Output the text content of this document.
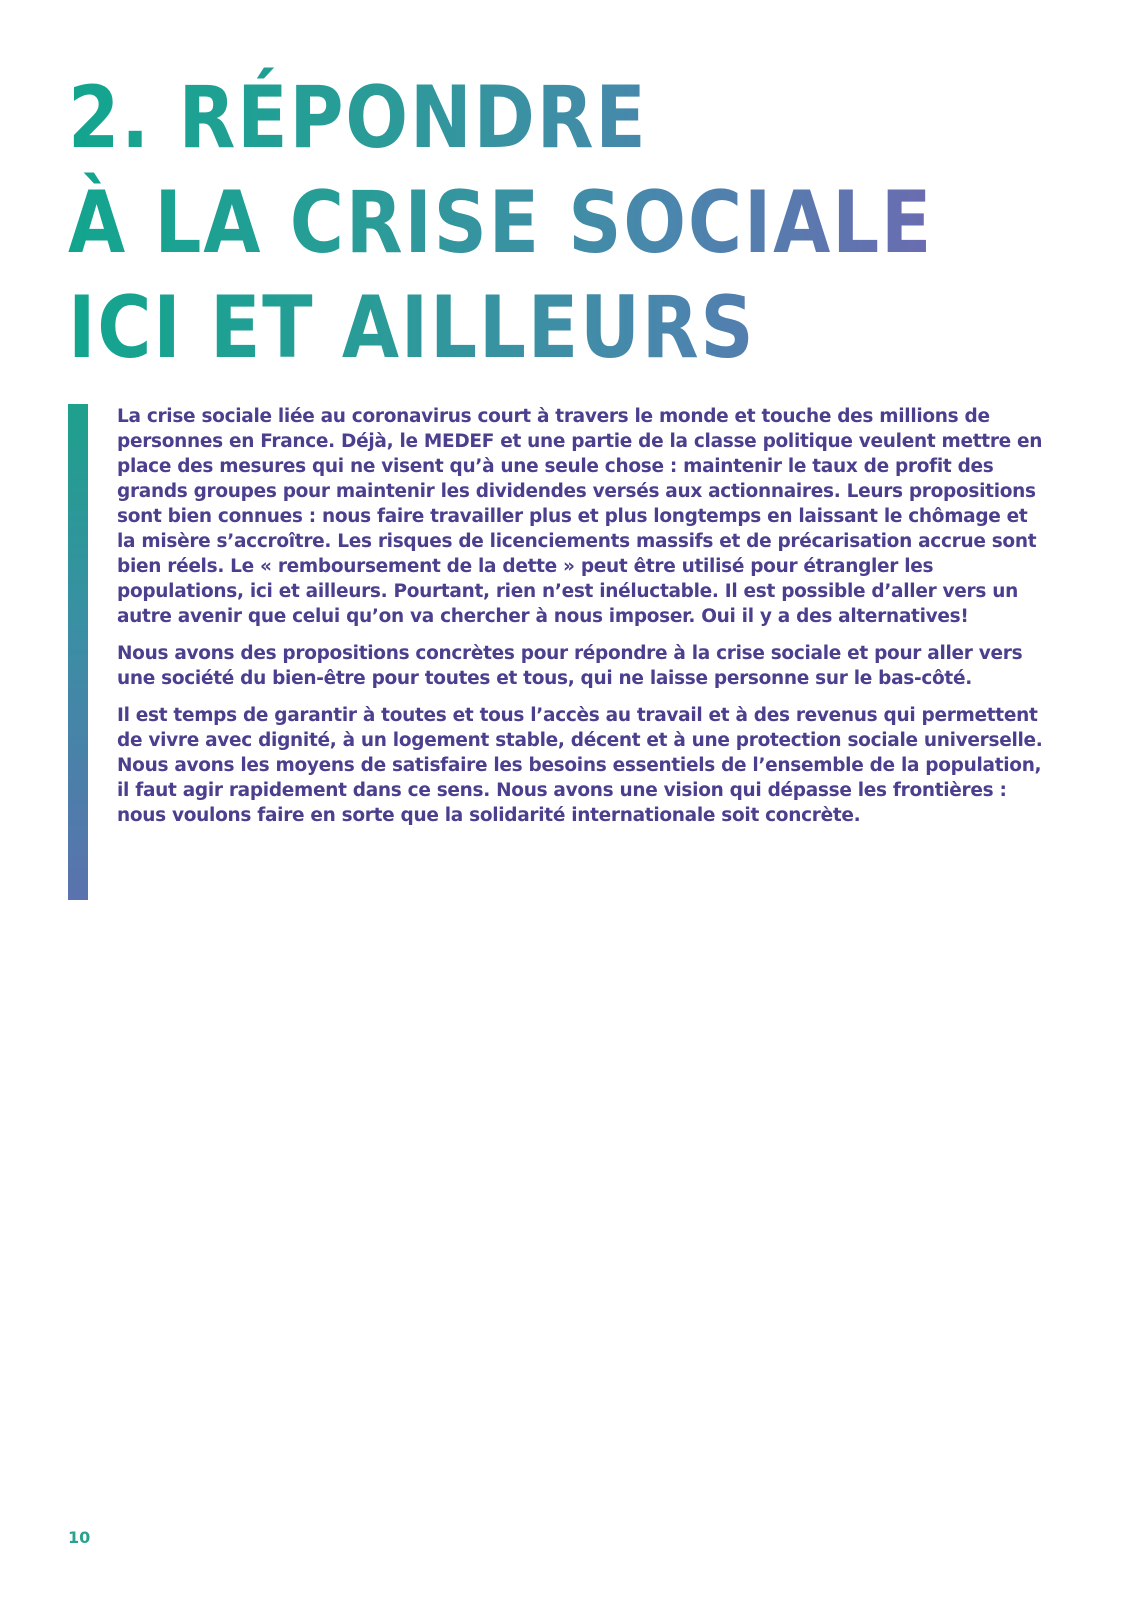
2. RÉPONDRE
À LA CRISE SOCIALE,
ICI ET AILLEURS

La crise sociale liée au coronavirus court à travers le monde et touche des millions de personnes en France. Déjà, le MEDEF et une partie de la classe politique veulent mettre en place des mesures qui ne visent qu’à une seule chose : maintenir le taux de profit des grands groupes pour maintenir les dividendes versés aux actionnaires. Leurs propositions sont bien connues : nous faire travailler plus et plus longtemps en laissant le chômage et la misère s’accroître. Les risques de licenciements massifs et de précarisation accrue sont bien réels. Le « remboursement de la dette » peut être utilisé pour étrangler les populations, ici et ailleurs. Pourtant, rien n’est inéluctable. Il est possible d’aller vers un autre avenir que celui qu’on va chercher à nous imposer. Oui il y a des alternatives!

Nous avons des propositions concrètes pour répondre à la crise sociale et pour aller vers une société du bien-être pour toutes et tous, qui ne laisse personne sur le bas-côté.

Il est temps de garantir à toutes et tous l’accès au travail et à des revenus qui permettent de vivre avec dignité, à un logement stable, décent et à une protection sociale universelle. Nous avons les moyens de satisfaire les besoins essentiels de l’ensemble de la population, il faut agir rapidement dans ce sens. Nous avons une vision qui dépasse les frontières : nous voulons faire en sorte que la solidarité internationale soit concrète.

10
